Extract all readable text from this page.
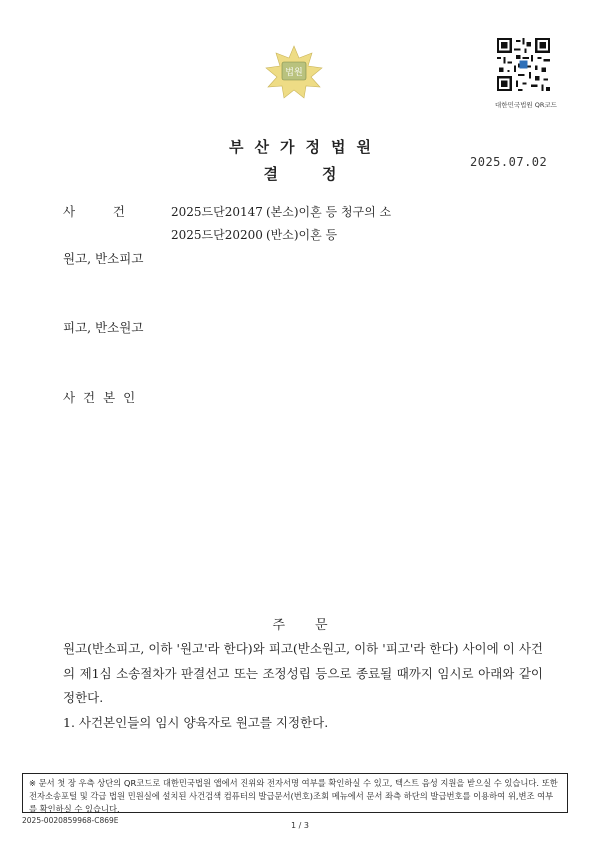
법원
대한민국법원 QR코드
부산가정법원
결정
2025.07.02
사	건	2025드단20147 (본소)이혼 등 청구의 소
2025드단20200 (반소)이혼 등
원고, 반소피고
피고, 반소원고
사 건 본 인
주문

원고(반소피고, 이하 '원고'라 한다)와 피고(반소원고, 이하 '피고'라 한다) 사이에 이 사건의 제1심 소송절차가 판결선고 또는 조정성립 등으로 종료될 때까지 임시로 아래와 같이 정한다.

1. 사건본인들의 임시 양육자로 원고를 지정한다.

※ 문서 첫 장 우측 상단의 QR코드로 대한민국법원 앱에서 진위와 전자서명 여부를 확인하실 수 있고, 텍스트 음성 지원을 받으실 수 있습니다. 또한 전자소송포털 및 각급 법원 민원실에 설치된 사건검색 컴퓨터의 발급문서(번호)조회 메뉴에서 문서 좌측 하단의 발급번호를 이용하여 위,변조 여부를 확인하실 수 있습니다.
2025-0020859968-C869E
1 / 3
